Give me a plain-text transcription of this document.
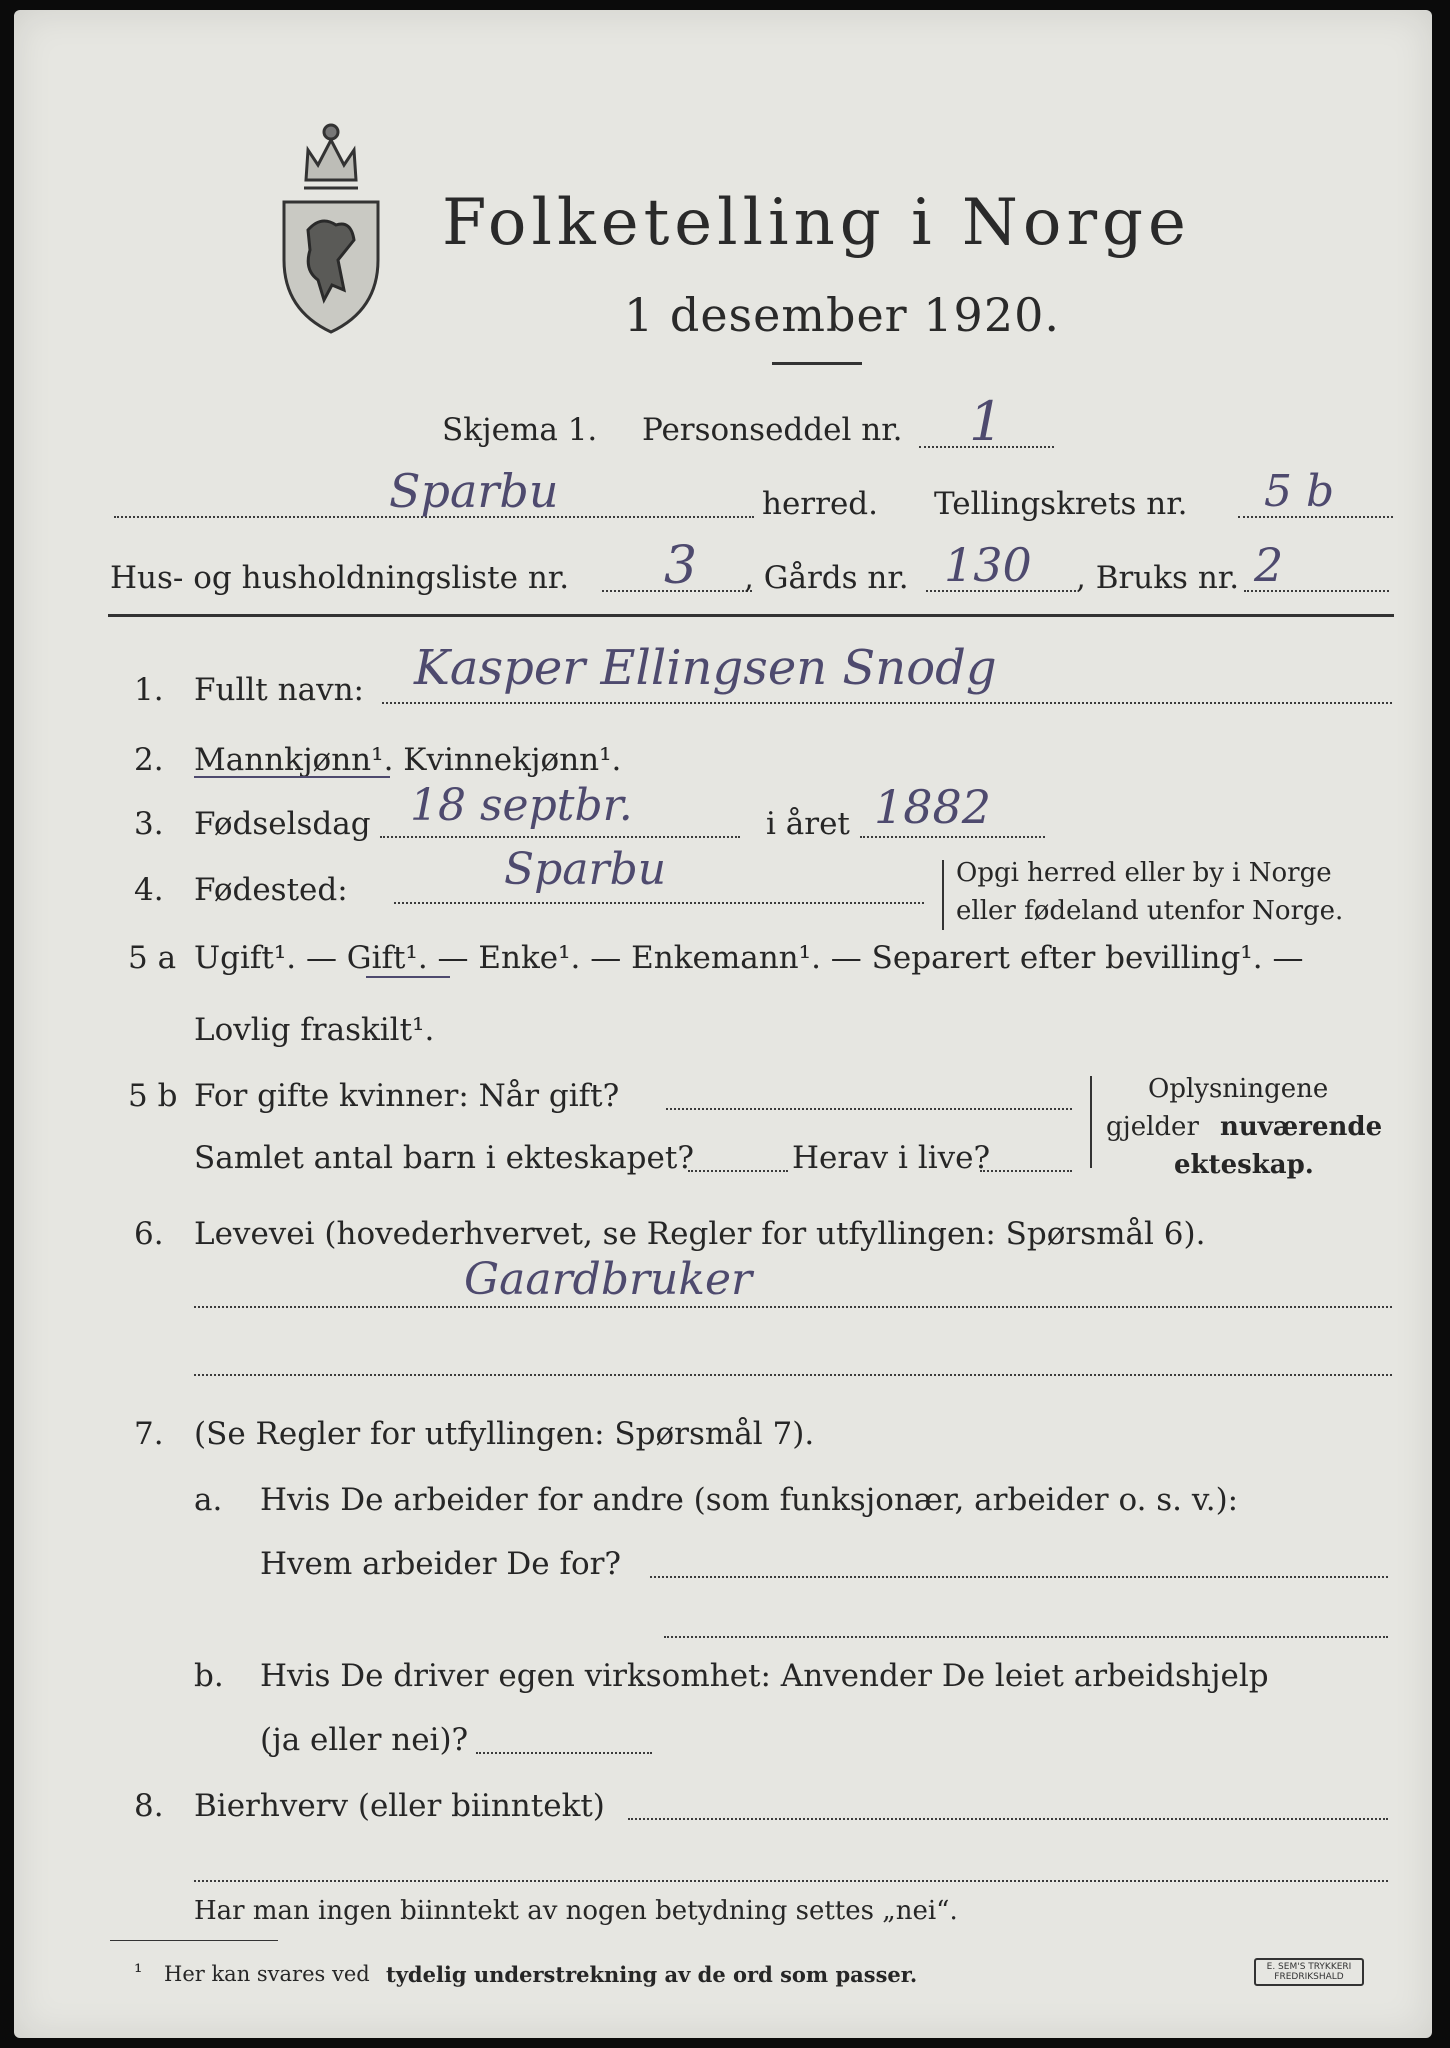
Folketelling i Norge
1 desember 1920.
Skjema 1. Personseddel nr. 1
Sparbu	herred. Tellingskrets nr. 5 b
Hus- og husholdningsliste nr. 3 , Gårds nr. 130 , Bruks nr. 2
1. Fullt navn: Kasper Ellingsen Snodg
2. Mannkjønn¹. Kvinnekjønn¹.
3. Fødselsdag 18 septbr.	i året 1882
4. Fødested:	Sparbu	Opgi herred eller by i Norge
eller fødeland utenfor Norge.
5 a Ugift¹. — Gift¹. — Enke¹. — Enkemann¹. — Separert efter bevilling¹. —
Lovlig fraskilt¹.
5 b For gifte kvinner: Når gift?
Samlet antal barn i ekteskapet?	Herav i live?
Oplysningene
gjelder nuværende
ekteskap.
6. Levevei (hovederhvervet, se Regler for utfyllingen: Spørsmål 6).
Gaardbruker
7. (Se Regler for utfyllingen: Spørsmål 7).
a. Hvis De arbeider for andre (som funksjonær, arbeider o. s. v.):
Hvem arbeider De for?
b. Hvis De driver egen virksomhet: Anvender De leiet arbeidshjelp
(ja eller nei)?
8. Bierhverv (eller biinntekt)
Har man ingen biinntekt av nogen betydning settes „nei“.
¹ Her kan svares ved tydelig understrekning av de ord som passer.	E. SEM'S TRYKKERI FREDRIKSHALD
